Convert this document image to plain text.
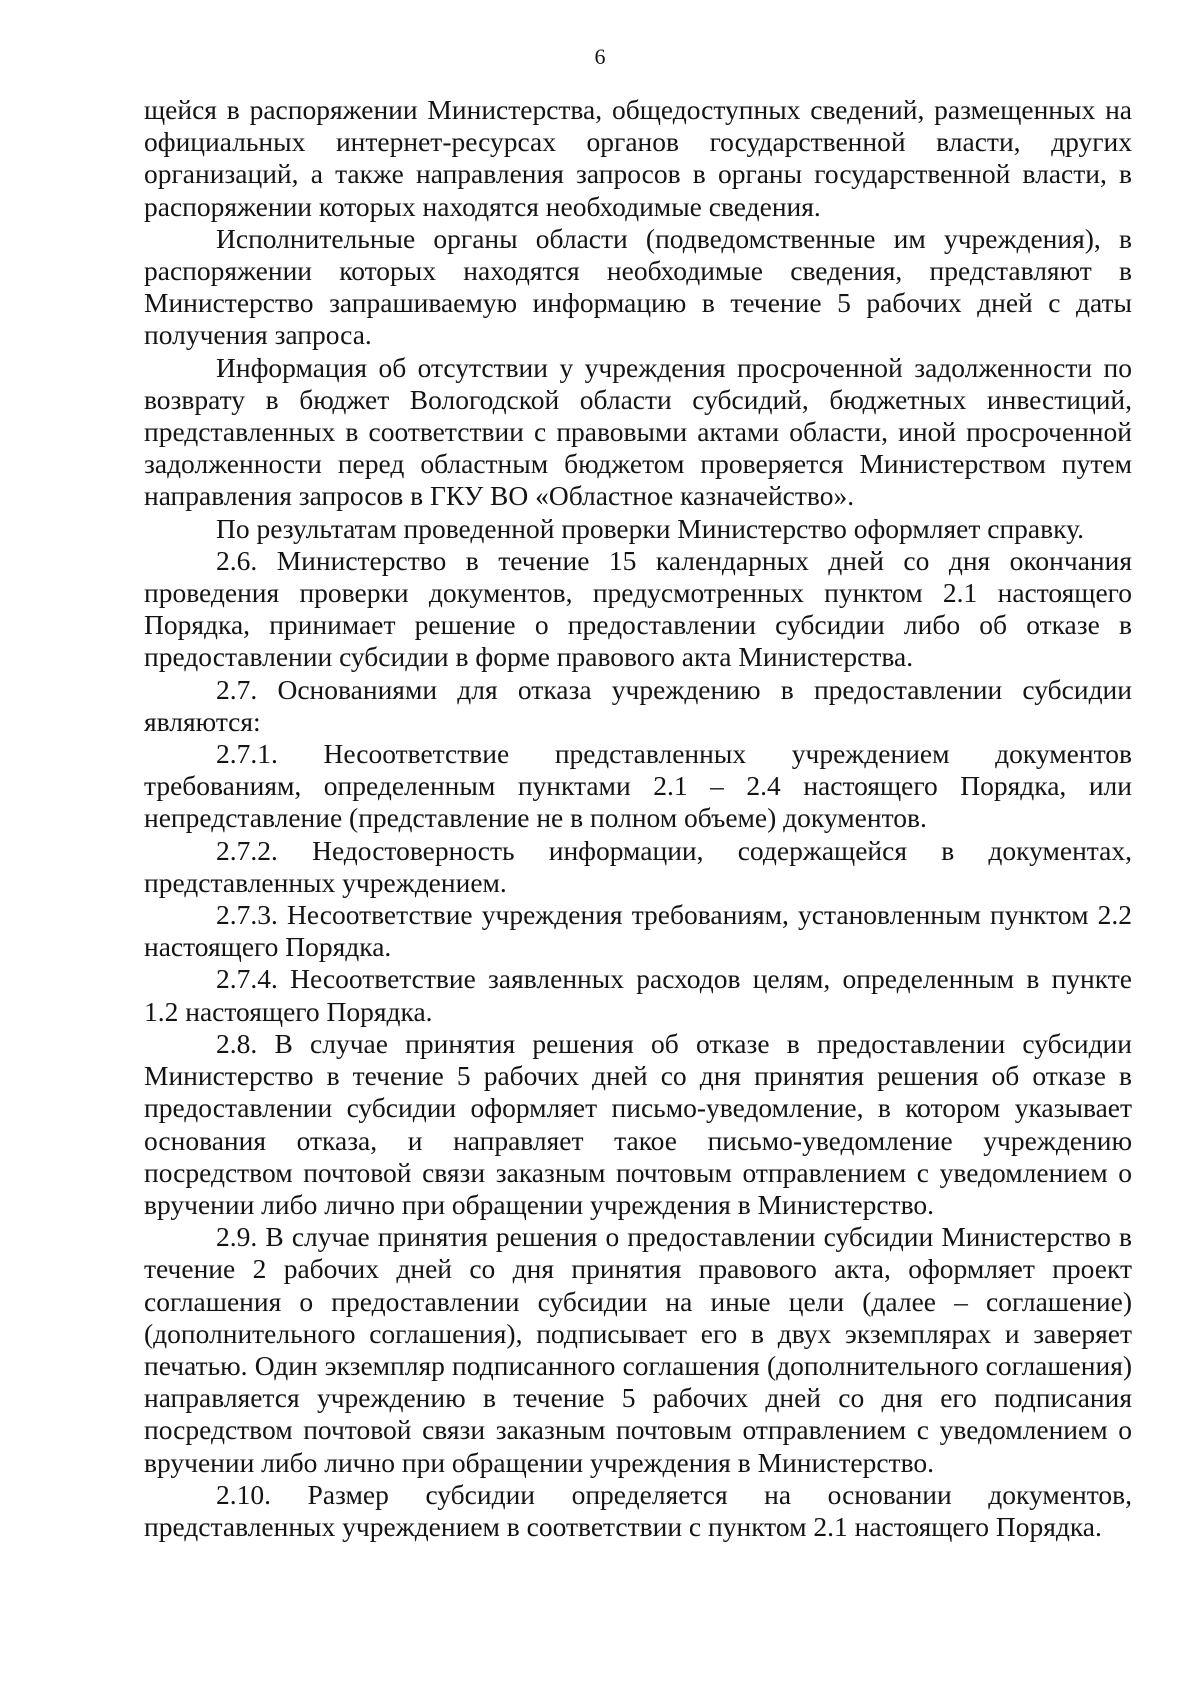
6

щейся в распоряжении Министерства, общедоступных сведений, размещенных на официальных интернет-ресурсах органов государственной власти, других организаций, а также направления запросов в органы государственной власти, в распоряжении которых находятся необходимые сведения.

Исполнительные органы области (подведомственные им учреждения), в распоряжении которых находятся необходимые сведения, представляют в Министерство запрашиваемую информацию в течение 5 рабочих дней с даты получения запроса.

Информация об отсутствии у учреждения просроченной задолженности по возврату в бюджет Вологодской области субсидий, бюджетных инвестиций, представленных в соответствии с правовыми актами области, иной просроченной задолженности перед областным бюджетом проверяется Министерством путем направления запросов в ГКУ ВО «Областное казначейство».

По результатам проведенной проверки Министерство оформляет справку.

2.6. Министерство в течение 15 календарных дней со дня окончания проведения проверки документов, предусмотренных пунктом 2.1 настоящего Порядка, принимает решение о предоставлении субсидии либо об отказе в предоставлении субсидии в форме правового акта Министерства.

2.7. Основаниями для отказа учреждению в предоставлении субсидии являются:

2.7.1. Несоответствие представленных учреждением документов требованиям, определенным пунктами 2.1 – 2.4 настоящего Порядка, или непредставление (представление не в полном объеме) документов.

2.7.2. Недостоверность информации, содержащейся в документах, представленных учреждением.

2.7.3. Несоответствие учреждения требованиям, установленным пунктом 2.2 настоящего Порядка.

2.7.4. Несоответствие заявленных расходов целям, определенным в пункте 1.2 настоящего Порядка.

2.8. В случае принятия решения об отказе в предоставлении субсидии Министерство в течение 5 рабочих дней со дня принятия решения об отказе в предоставлении субсидии оформляет письмо-уведомление, в котором указывает основания отказа, и направляет такое письмо-уведомление учреждению посредством почтовой связи заказным почтовым отправлением с уведомлением о вручении либо лично при обращении учреждения в Министерство.

2.9. В случае принятия решения о предоставлении субсидии Министерство в течение 2 рабочих дней со дня принятия правового акта, оформляет проект соглашения о предоставлении субсидии на иные цели (далее – соглашение) (дополнительного соглашения), подписывает его в двух экземплярах и заверяет печатью. Один экземпляр подписанного соглашения (дополнительного соглашения) направляется учреждению в течение 5 рабочих дней со дня его подписания посредством почтовой связи заказным почтовым отправлением с уведомлением о вручении либо лично при обращении учреждения в Министерство.

2.10. Размер субсидии определяется на основании документов, представленных учреждением в соответствии с пунктом 2.1 настоящего Порядка.
